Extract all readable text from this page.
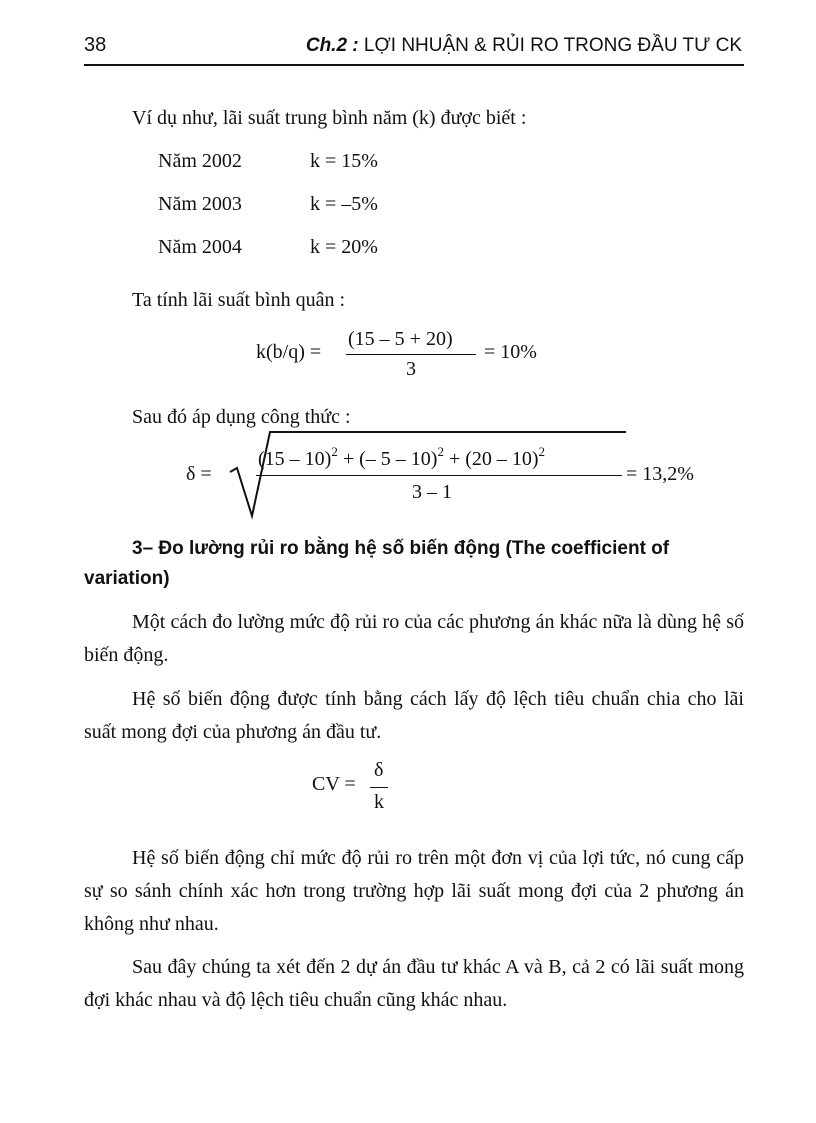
38	Ch.2 : LỢI NHUẬN & RỦI RO TRONG ĐẦU TƯ CK

Ví dụ như, lãi suất trung bình năm (k) được biết :

Năm 2002	k = 15%
Năm 2003	k = –5%
Năm 2004	k = 20%

Ta tính lãi suất bình quân :

k(b/q) =
(15 – 5 + 20)
3
= 10%

Sau đó áp dụng công thức :

δ =
(15 – 10)$^2$ + (– 5 – 10)$^2$ + (20 – 10)$^2$
3 – 1
= 13,2%
3– Đo lường rủi ro bằng hệ số biến động (The coefficient of variation)

Một cách đo lường mức độ rủi ro của các phương án khác nữa là dùng hệ số biến động.

Hệ số biến động được tính bằng cách lấy độ lệch tiêu chuẩn chia cho lãi suất mong đợi của phương án đầu tư.

CV =
δ
k

Hệ số biến động chỉ mức độ rủi ro trên một đơn vị của lợi tức, nó cung cấp sự so sánh chính xác hơn trong trường hợp lãi suất mong đợi của 2 phương án không như nhau.

Sau đây chúng ta xét đến 2 dự án đầu tư khác A và B, cả 2 có lãi suất mong đợi khác nhau và độ lệch tiêu chuẩn cũng khác nhau.
